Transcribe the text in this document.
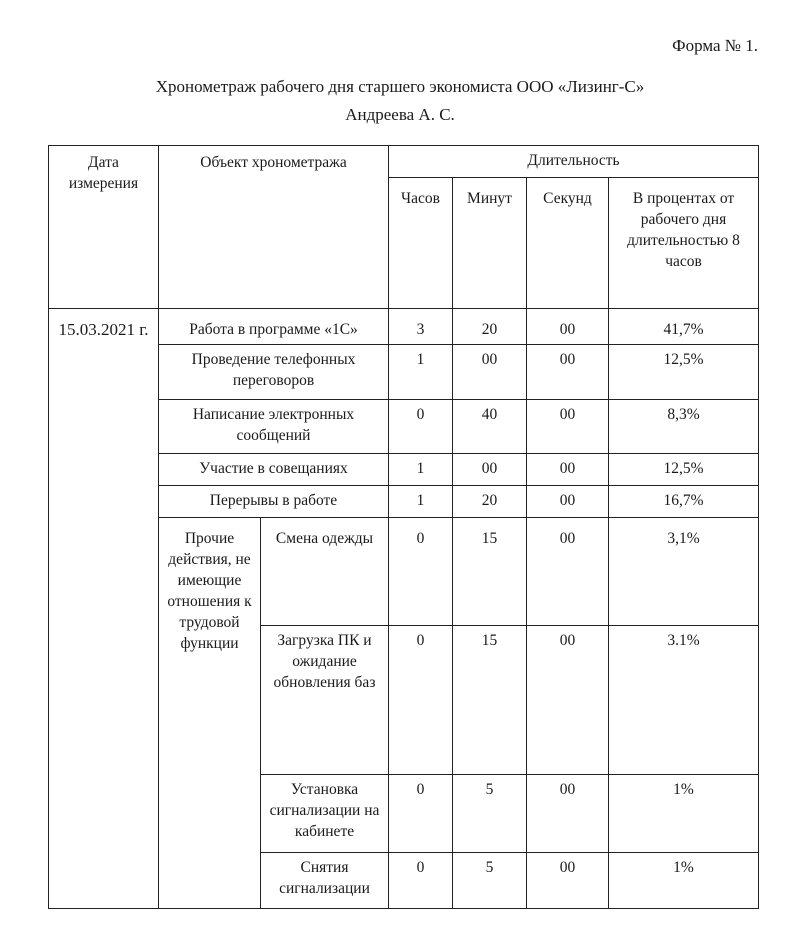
Форма № 1.
Хронометраж рабочего дня старшего экономиста ООО «Лизинг-С»
Андреева А. С.
Дата измерения	Объект хронометража		Длительность			
			Часов	Минут	Секунд	В процентах от рабочего дня длительностью 8 часов
15.03.2021 г.	Работа в программе «1С»		3	20	00	41,7%
	Проведение телефонных переговоров		1	00	00	12,5%
	Написание электронных сообщений		0	40	00	8,3%
	Участие в совещаниях		1	00	00	12,5%
	Перерывы в работе		1	20	00	16,7%
	Прочие действия, не имеющие отношения к трудовой функции	Смена одежды	0	15	00	3,1%
		Загрузка ПК и ожидание обновления баз	0	15	00	3.1%
		Установка сигнализации на кабинете	0	5	00	1%
		Снятия сигнализации	0	5	00	1%
